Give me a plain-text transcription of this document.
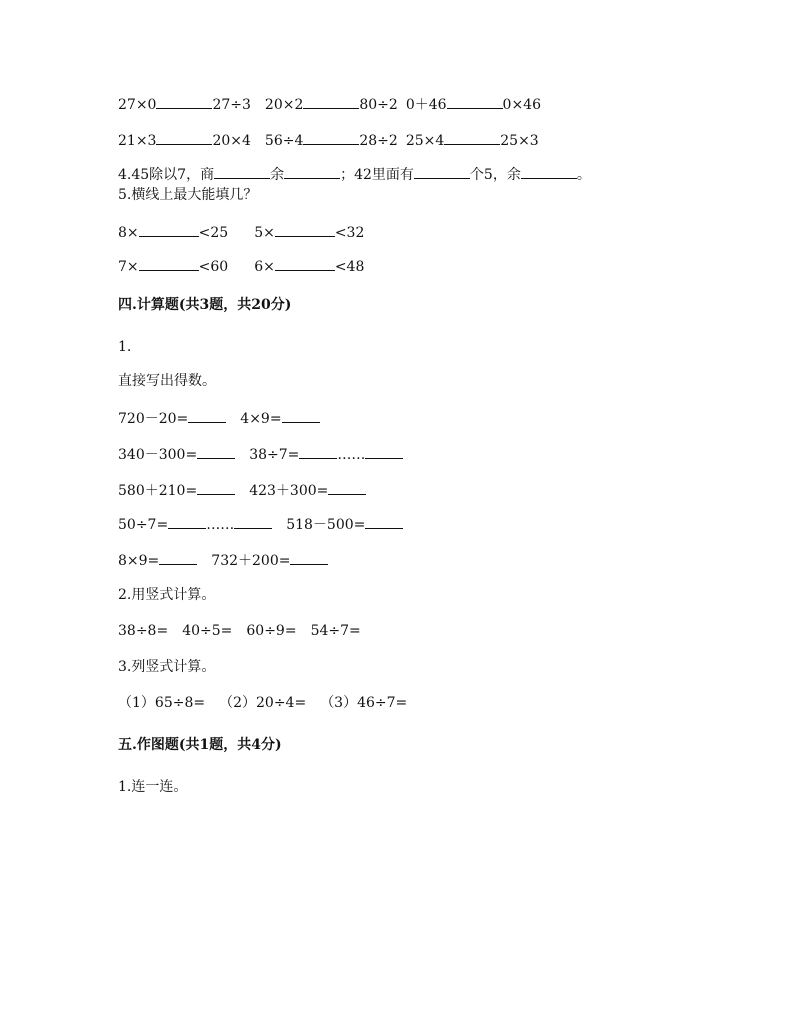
27×0	27÷3 20×2	80÷2 0＋46	0×46
21×3	20×4 56÷4	28÷2 25×4	25×3
4.45除以7，商	余	；42里面有	个5，余	。
5.横线上最大能填几？
8×	<25 5×	<32
7×	<60 6×	<48
四.计算题(共3题，共20分)
1.
直接写出得数。
720－20=	4×9=
340－300=	38÷7=	……
580＋210=	423＋300=
50÷7=	……	518－500=
8×9=	732＋200=
2.用竖式计算。
38÷8= 40÷5= 60÷9= 54÷7=
3.列竖式计算。
（1）65÷8= （2）20÷4= （3）46÷7=
五.作图题(共1题，共4分)
1.连一连。
